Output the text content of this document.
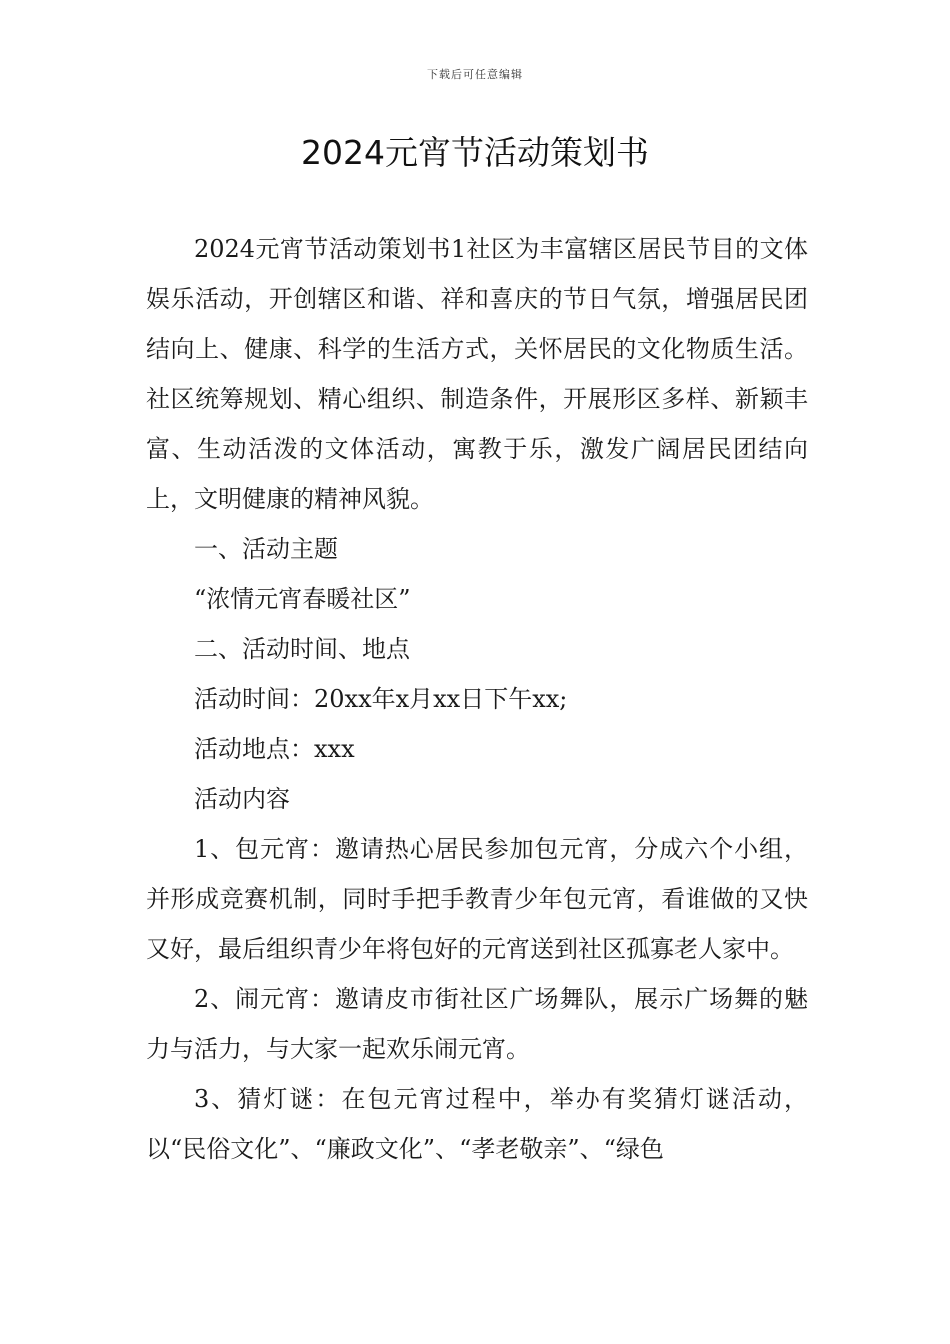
下载后可任意编辑
2024元宵节活动策划书

2024元宵节活动策划书1社区为丰富辖区居民节目的文体娱乐活动，开创辖区和谐、祥和喜庆的节日气氛，增强居民团结向上、健康、科学的生活方式，关怀居民的文化物质生活。社区统筹规划、精心组织、制造条件，开展形区多样、新颖丰富、生动活泼的文体活动，寓教于乐，激发广阔居民团结向上，文明健康的精神风貌。

一、活动主题

“浓情元宵春暖社区”

二、活动时间、地点

活动时间：20xx年x月xx日下午xx;

活动地点：xxx

活动内容

1、包元宵：邀请热心居民参加包元宵，分成六个小组，并形成竞赛机制，同时手把手教青少年包元宵，看谁做的又快又好，最后组织青少年将包好的元宵送到社区孤寡老人家中。

2、闹元宵：邀请皮市街社区广场舞队，展示广场舞的魅力与活力，与大家一起欢乐闹元宵。

3、猜灯谜：在包元宵过程中，举办有奖猜灯谜活动，以“民俗文化”、“廉政文化”、“孝老敬亲”、“绿色
